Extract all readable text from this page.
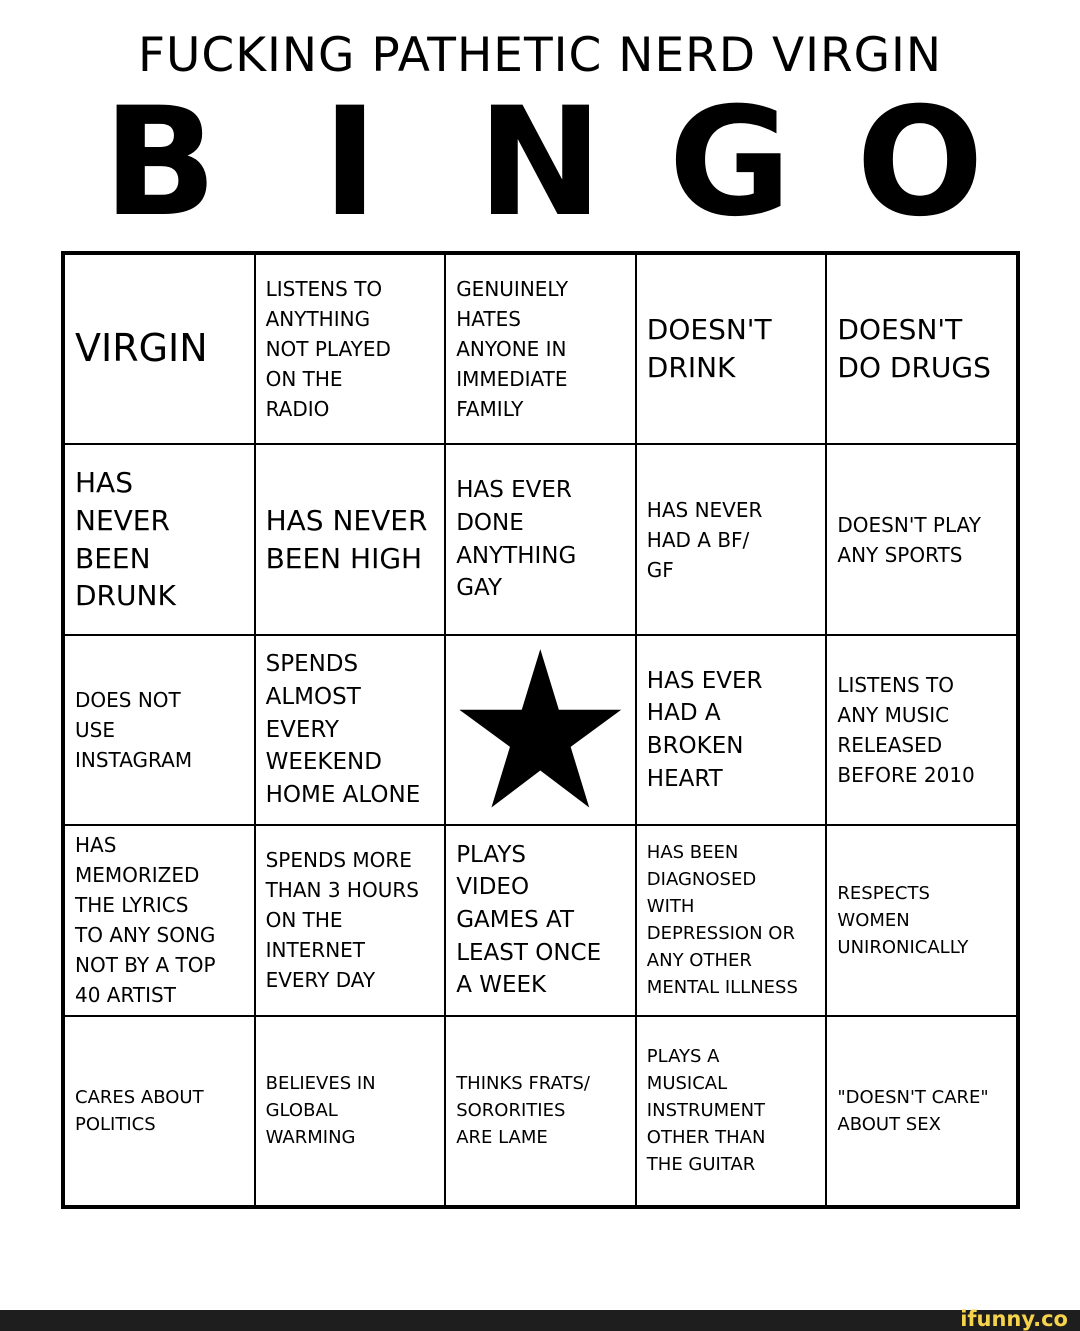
FUCKING PATHETIC NERD VIRGIN
B I N G O
VIRGIN
LISTENS TO
ANYTHING
NOT PLAYED
ON THE
RADIO
GENUINELY
HATES
ANYONE IN
IMMEDIATE
FAMILY
DOESN'T
DRINK
DOESN'T
DO DRUGS
HAS
NEVER
BEEN
DRUNK
HAS NEVER
BEEN HIGH
HAS EVER
DONE
ANYTHING
GAY
HAS NEVER
HAD A BF/
GF
DOESN'T PLAY
ANY SPORTS
DOES NOT
USE
INSTAGRAM
SPENDS
ALMOST
EVERY
WEEKEND
HOME ALONE
HAS EVER
HAD A
BROKEN
HEART
LISTENS TO
ANY MUSIC
RELEASED
BEFORE 2010
HAS
MEMORIZED
THE LYRICS
TO ANY SONG
NOT BY A TOP
40 ARTIST
SPENDS MORE
THAN 3 HOURS
ON THE
INTERNET
EVERY DAY
PLAYS
VIDEO
GAMES AT
LEAST ONCE
A WEEK
HAS BEEN
DIAGNOSED
WITH
DEPRESSION OR
ANY OTHER
MENTAL ILLNESS
RESPECTS
WOMEN
UNIRONICALLY
CARES ABOUT
POLITICS
BELIEVES IN
GLOBAL
WARMING
THINKS FRATS/
SORORITIES
ARE LAME
PLAYS A
MUSICAL
INSTRUMENT
OTHER THAN
THE GUITAR
"DOESN'T CARE"
ABOUT SEX
ifunny.co
